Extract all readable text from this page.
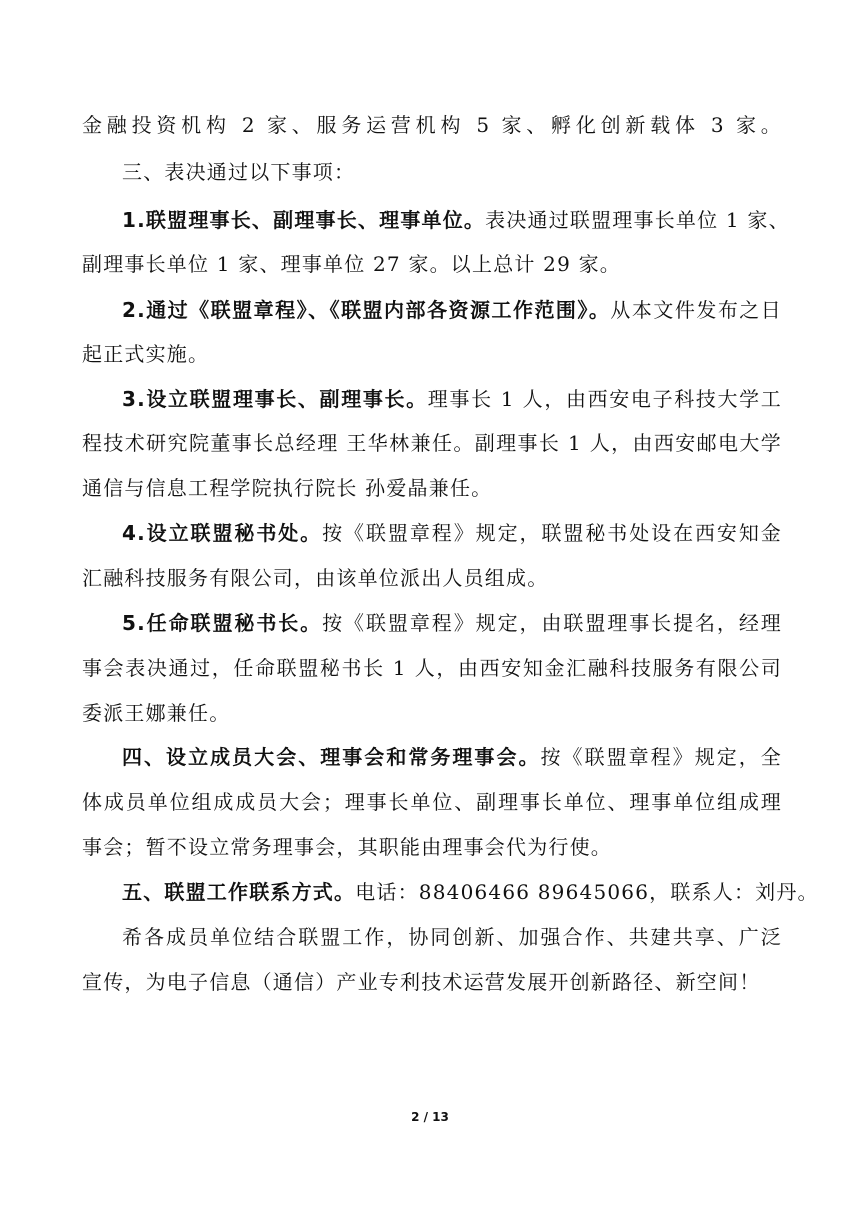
金融投资机构 2 家、服务运营机构 5 家、孵化创新载体 3 家。
三、表决通过以下事项：
1.联盟理事长、副理事长、理事单位。表决通过联盟理事长单位 1 家、
副理事长单位 1 家、理事单位 27 家。以上总计 29 家。
2.通过《联盟章程》、《联盟内部各资源工作范围》。从本文件发布之日
起正式实施。
3.设立联盟理事长、副理事长。理事长 1 人，由西安电子科技大学工
程技术研究院董事长总经理 王华林兼任。副理事长 1 人，由西安邮电大学
通信与信息工程学院执行院长 孙爱晶兼任。
4.设立联盟秘书处。按《联盟章程》规定，联盟秘书处设在西安知金
汇融科技服务有限公司，由该单位派出人员组成。
5.任命联盟秘书长。按《联盟章程》规定，由联盟理事长提名，经理
事会表决通过，任命联盟秘书长 1 人，由西安知金汇融科技服务有限公司
委派王娜兼任。
四、设立成员大会、理事会和常务理事会。按《联盟章程》规定，全
体成员单位组成成员大会；理事长单位、副理事长单位、理事单位组成理
事会；暂不设立常务理事会，其职能由理事会代为行使。
五、联盟工作联系方式。电话：88406466 89645066，联系人：刘丹。
希各成员单位结合联盟工作，协同创新、加强合作、共建共享、广泛
宣传，为电子信息（通信）产业专利技术运营发展开创新路径、新空间！
2 / 13
